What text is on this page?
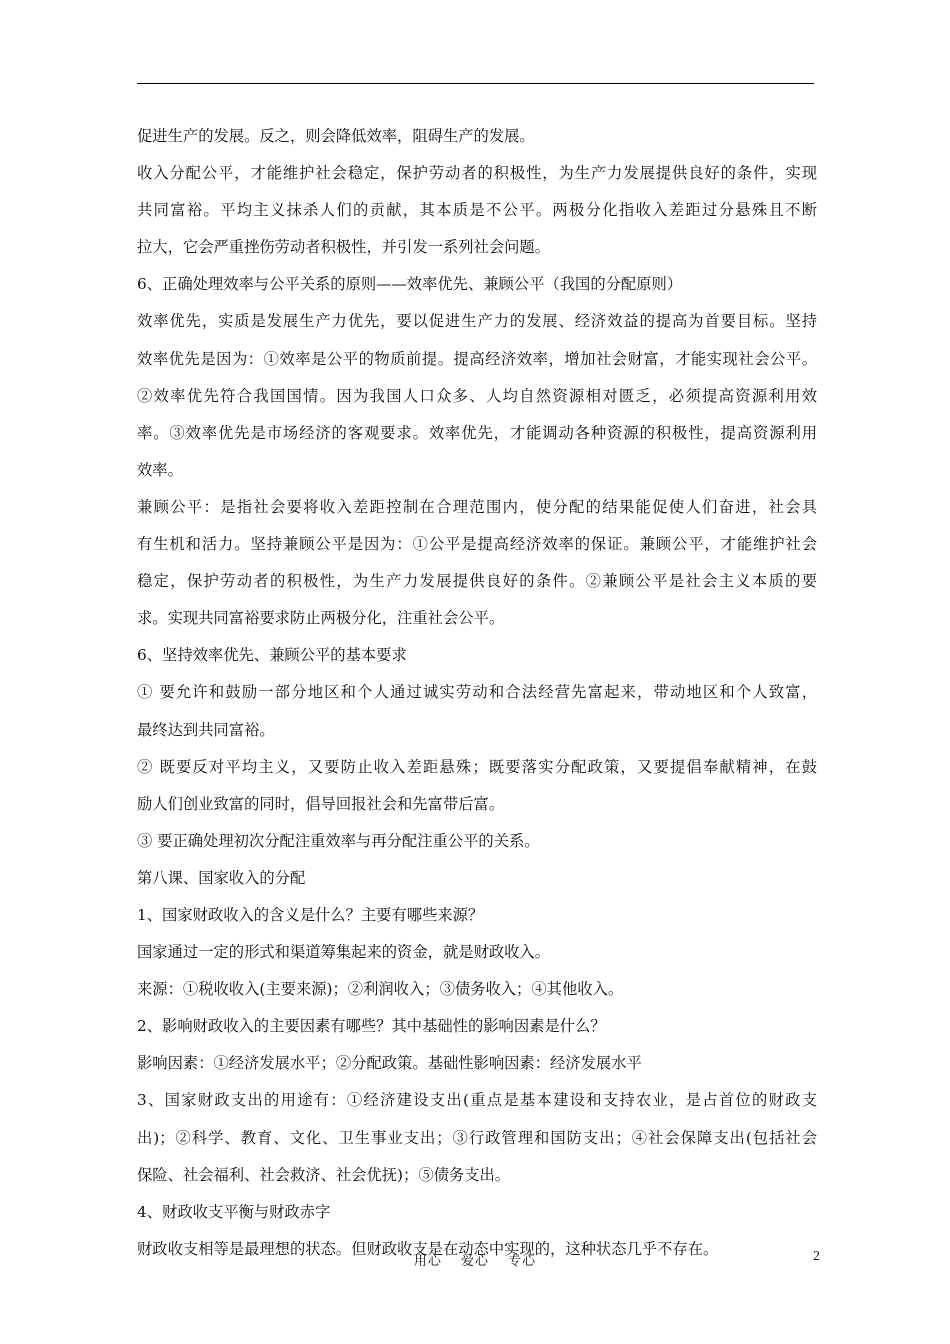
促进生产的发展。反之，则会降低效率，阻碍生产的发展。
收入分配公平，才能维护社会稳定，保护劳动者的积极性，为生产力发展提供良好的条件，实现
共同富裕。平均主义抹杀人们的贡献，其本质是不公平。两极分化指收入差距过分悬殊且不断
拉大，它会严重挫伤劳动者积极性，并引发一系列社会问题。
6、正确处理效率与公平关系的原则——效率优先、兼顾公平（我国的分配原则）
效率优先，实质是发展生产力优先，要以促进生产力的发展、经济效益的提高为首要目标。坚持
效率优先是因为：①效率是公平的物质前提。提高经济效率，增加社会财富，才能实现社会公平。
②效率优先符合我国国情。因为我国人口众多、人均自然资源相对匮乏，必须提高资源利用效
率。③效率优先是市场经济的客观要求。效率优先，才能调动各种资源的积极性，提高资源利用
效率。
兼顾公平：是指社会要将收入差距控制在合理范围内，使分配的结果能促使人们奋进，社会具
有生机和活力。坚持兼顾公平是因为：①公平是提高经济效率的保证。兼顾公平，才能维护社会
稳定，保护劳动者的积极性，为生产力发展提供良好的条件。②兼顾公平是社会主义本质的要
求。实现共同富裕要求防止两极分化，注重社会公平。
6、坚持效率优先、兼顾公平的基本要求
① 要允许和鼓励一部分地区和个人通过诚实劳动和合法经营先富起来，带动地区和个人致富，
最终达到共同富裕。
② 既要反对平均主义，又要防止收入差距悬殊；既要落实分配政策，又要提倡奉献精神，在鼓
励人们创业致富的同时，倡导回报社会和先富带后富。
③ 要正确处理初次分配注重效率与再分配注重公平的关系。
第八课、国家收入的分配
1、国家财政收入的含义是什么？主要有哪些来源？
国家通过一定的形式和渠道筹集起来的资金，就是财政收入。
来源：①税收收入(主要来源)；②利润收入；③债务收入；④其他收入。
2、影响财政收入的主要因素有哪些？其中基础性的影响因素是什么？
影响因素：①经济发展水平；②分配政策。基础性影响因素：经济发展水平
3、国家财政支出的用途有：①经济建设支出(重点是基本建设和支持农业，是占首位的财政支
出)；②科学、教育、文化、卫生事业支出；③行政管理和国防支出；④社会保障支出(包括社会
保险、社会福利、社会救济、社会优抚)；⑤债务支出。
4、财政收支平衡与财政赤字
财政收支相等是最理想的状态。但财政收支是在动态中实现的，这种状态几乎不存在。
用心 爱心 专心	2
